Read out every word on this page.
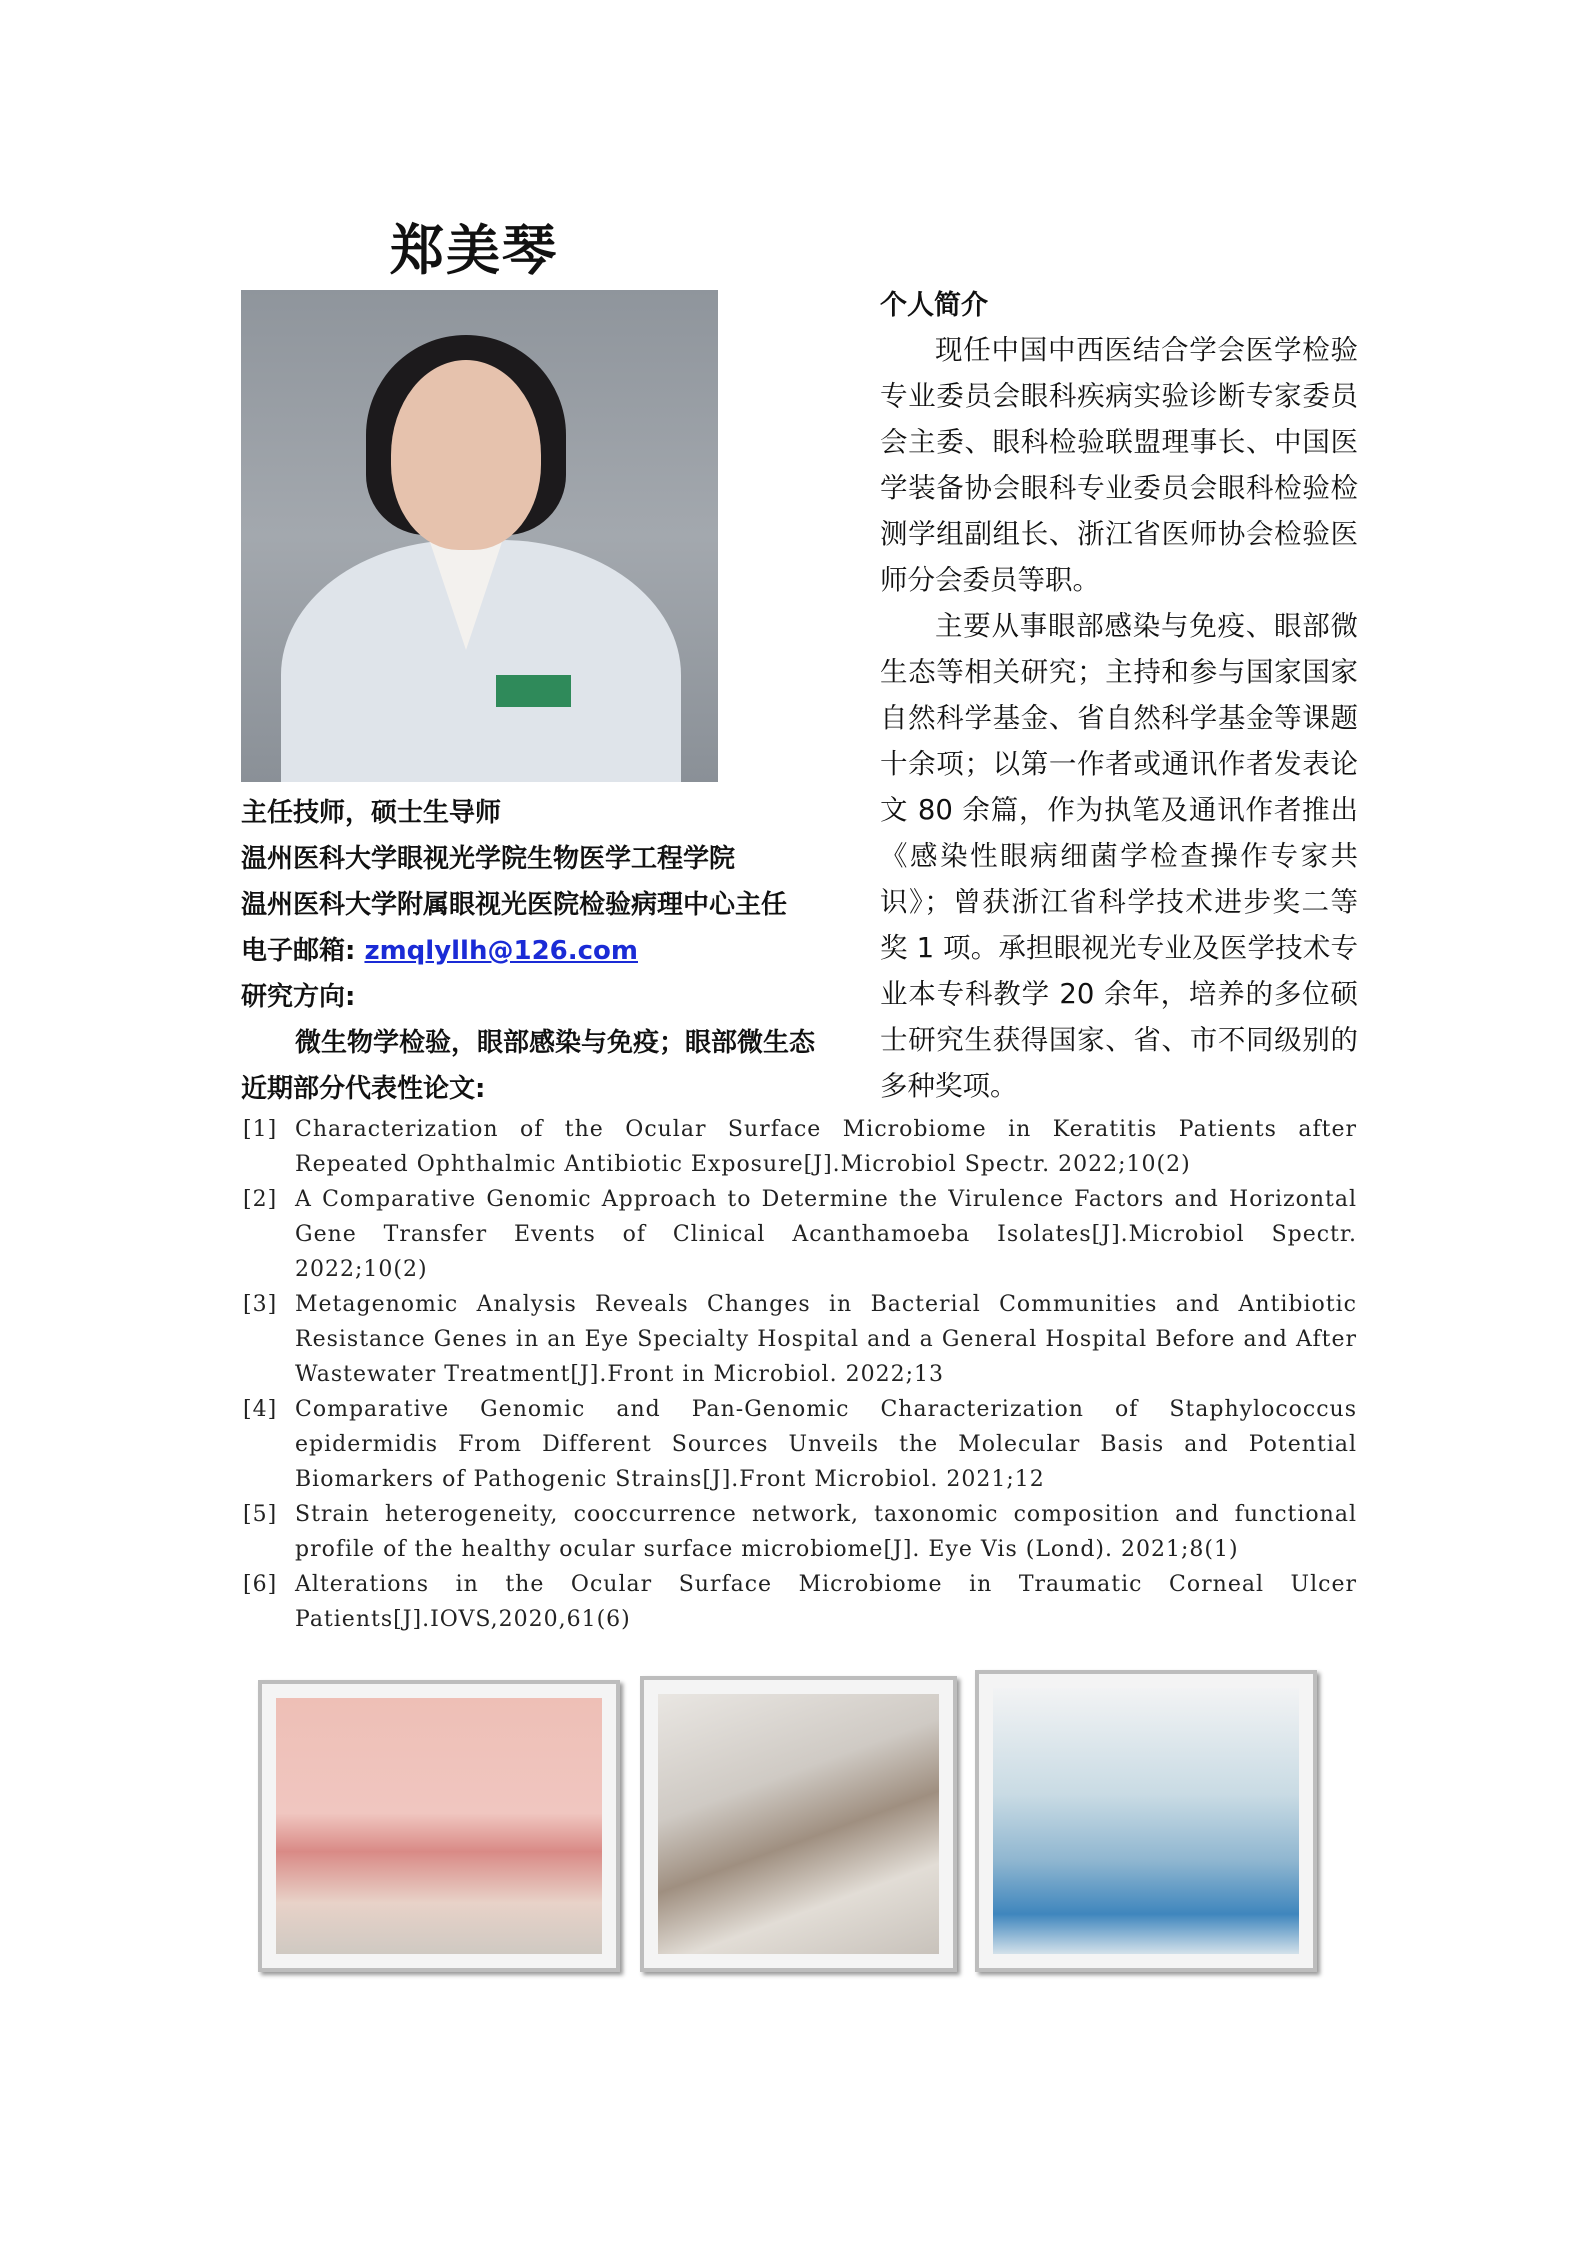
郑美琴
个人简介

现任中国中西医结合学会医学检验专业委员会眼科疾病实验诊断专家委员会主委、眼科检验联盟理事长、中国医学装备协会眼科专业委员会眼科检验检测学组副组长、浙江省医师协会检验医师分会委员等职。

主要从事眼部感染与免疫、眼部微生态等相关研究；主持和参与国家国家自然科学基金、省自然科学基金等课题十余项；以第一作者或通讯作者发表论文 80 余篇，作为执笔及通讯作者推出《感染性眼病细菌学检查操作专家共识》；曾获浙江省科学技术进步奖二等奖 1 项。承担眼视光专业及医学技术专业本专科教学 20 余年，培养的多位硕士研究生获得国家、省、市不同级别的多种奖项。

主任技师，硕士生导师
温州医科大学眼视光学院生物医学工程学院
温州医科大学附属眼视光医院检验病理中心主任
电子邮箱: zmqlyllh@126.com
研究方向:
微生物学检验，眼部感染与免疫；眼部微生态
近期部分代表性论文:
[1] Characterization of the Ocular Surface Microbiome in Keratitis Patients after Repeated Ophthalmic Antibiotic Exposure[J].Microbiol Spectr. 2022;10(2)
[2] A Comparative Genomic Approach to Determine the Virulence Factors and Horizontal Gene Transfer Events of Clinical Acanthamoeba Isolates[J].Microbiol Spectr. 2022;10(2)
[3] Metagenomic Analysis Reveals Changes in Bacterial Communities and Antibiotic Resistance Genes in an Eye Specialty Hospital and a General Hospital Before and After Wastewater Treatment[J].Front in Microbiol. 2022;13
[4] Comparative Genomic and Pan-Genomic Characterization of Staphylococcus epidermidis From Different Sources Unveils the Molecular Basis and Potential Biomarkers of Pathogenic Strains[J].Front Microbiol. 2021;12
[5] Strain heterogeneity, cooccurrence network, taxonomic composition and functional profile of the healthy ocular surface microbiome[J]. Eye Vis (Lond). 2021;8(1)
[6] Alterations in the Ocular Surface Microbiome in Traumatic Corneal Ulcer Patients[J].IOVS,2020,61(6)
